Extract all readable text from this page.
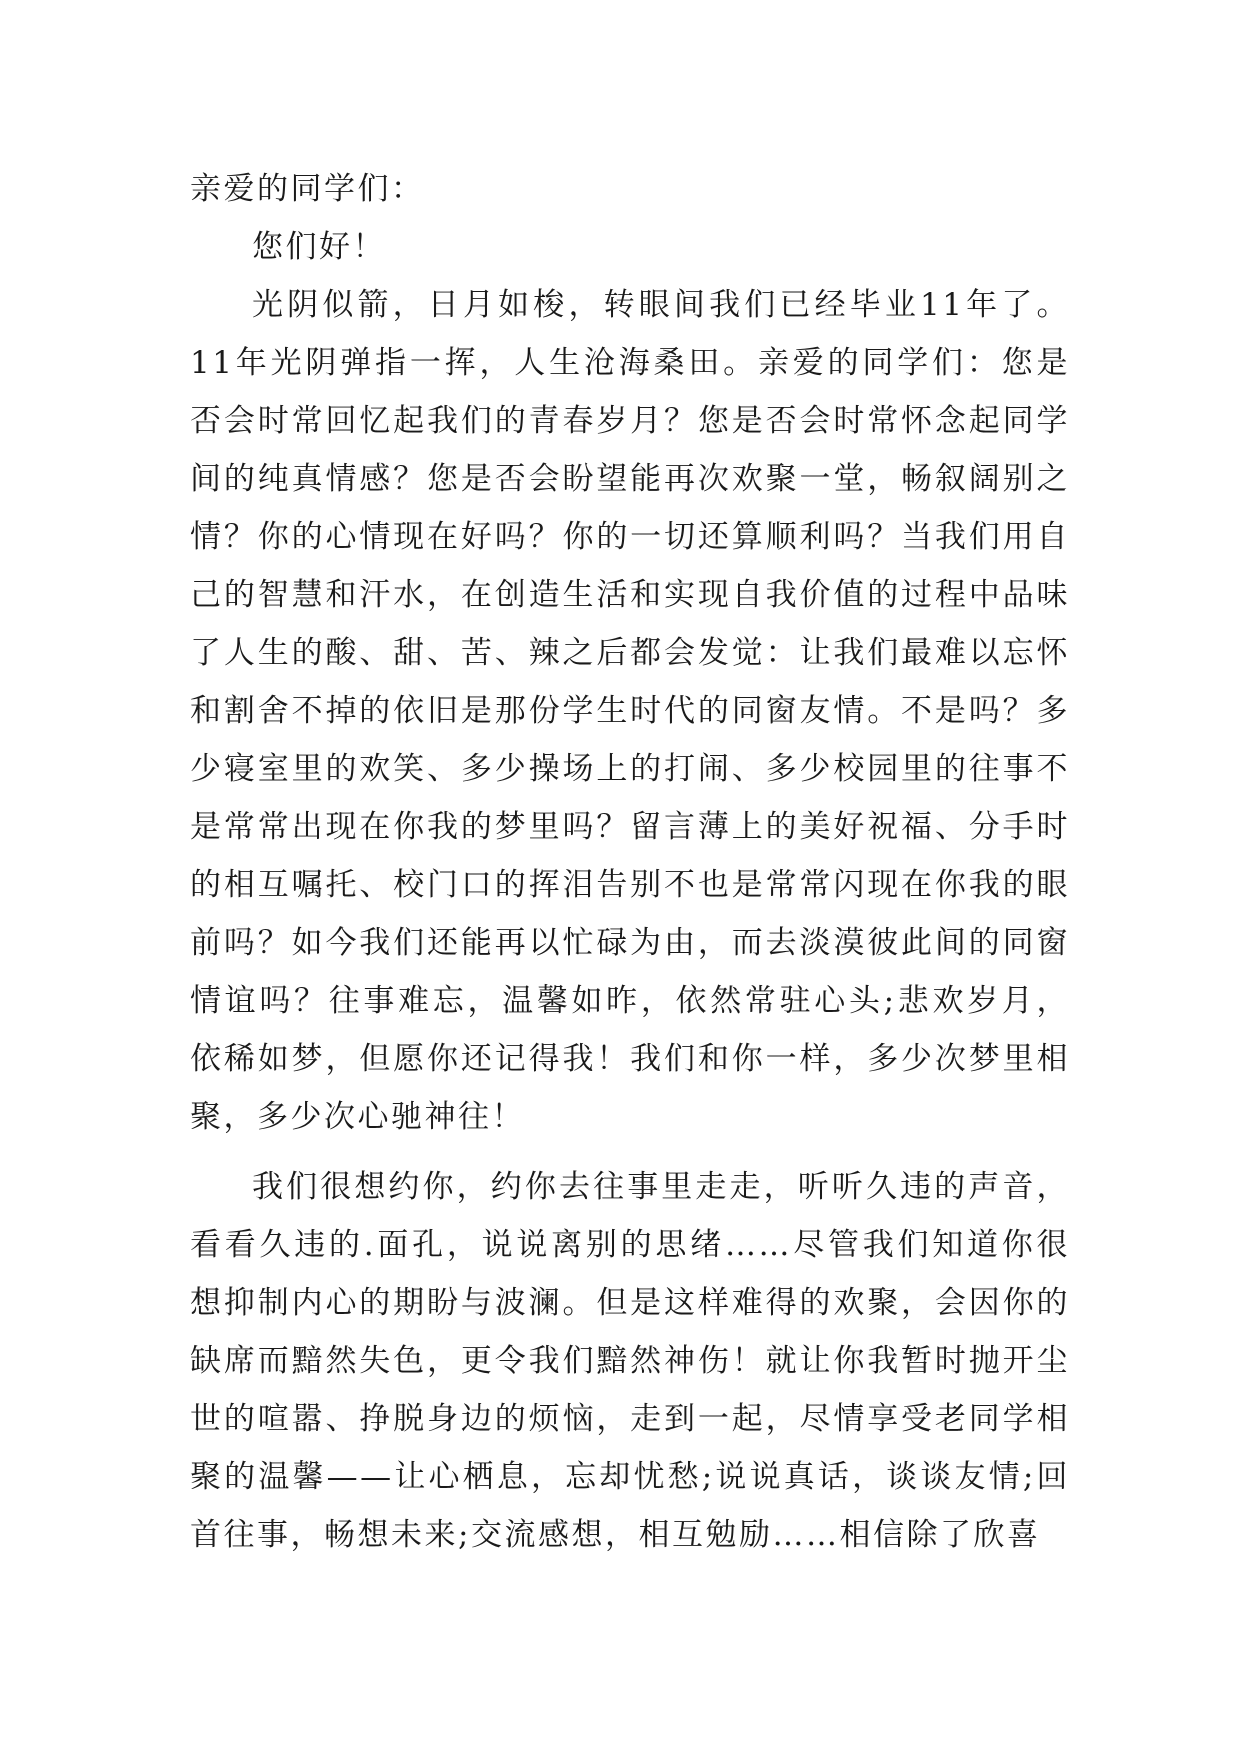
亲爱的同学们：

您们好！

光阴似箭，日月如梭，转眼间我们已经毕业11年了。11年光阴弹指一挥，人生沧海桑田。亲爱的同学们：您是否会时常回忆起我们的青春岁月？您是否会时常怀念起同学间的纯真情感？您是否会盼望能再次欢聚一堂，畅叙阔别之情？你的心情现在好吗？你的一切还算顺利吗？当我们用自己的智慧和汗水，在创造生活和实现自我价值的过程中品味了人生的酸、甜、苦、辣之后都会发觉：让我们最难以忘怀和割舍不掉的依旧是那份学生时代的同窗友情。不是吗？多少寝室里的欢笑、多少操场上的打闹、多少校园里的往事不是常常出现在你我的梦里吗？留言薄上的美好祝福、分手时的相互嘱托、校门口的挥泪告别不也是常常闪现在你我的眼前吗？如今我们还能再以忙碌为由，而去淡漠彼此间的同窗情谊吗？往事难忘，温馨如昨，依然常驻心头;悲欢岁月，依稀如梦，但愿你还记得我！我们和你一样，多少次梦里相聚，多少次心驰神往！

我们很想约你，约你去往事里走走，听听久违的声音，看看久违的.面孔，说说离别的思绪……尽管我们知道你很想抑制内心的期盼与波澜。但是这样难得的欢聚，会因你的缺席而黯然失色，更令我们黯然神伤！就让你我暂时抛开尘世的喧嚣、挣脱身边的烦恼，走到一起，尽情享受老同学相聚的温馨——让心栖息，忘却忧愁;说说真话，谈谈友情;回首往事，畅想未来;交流感想，相互勉励……相信除了欣喜
